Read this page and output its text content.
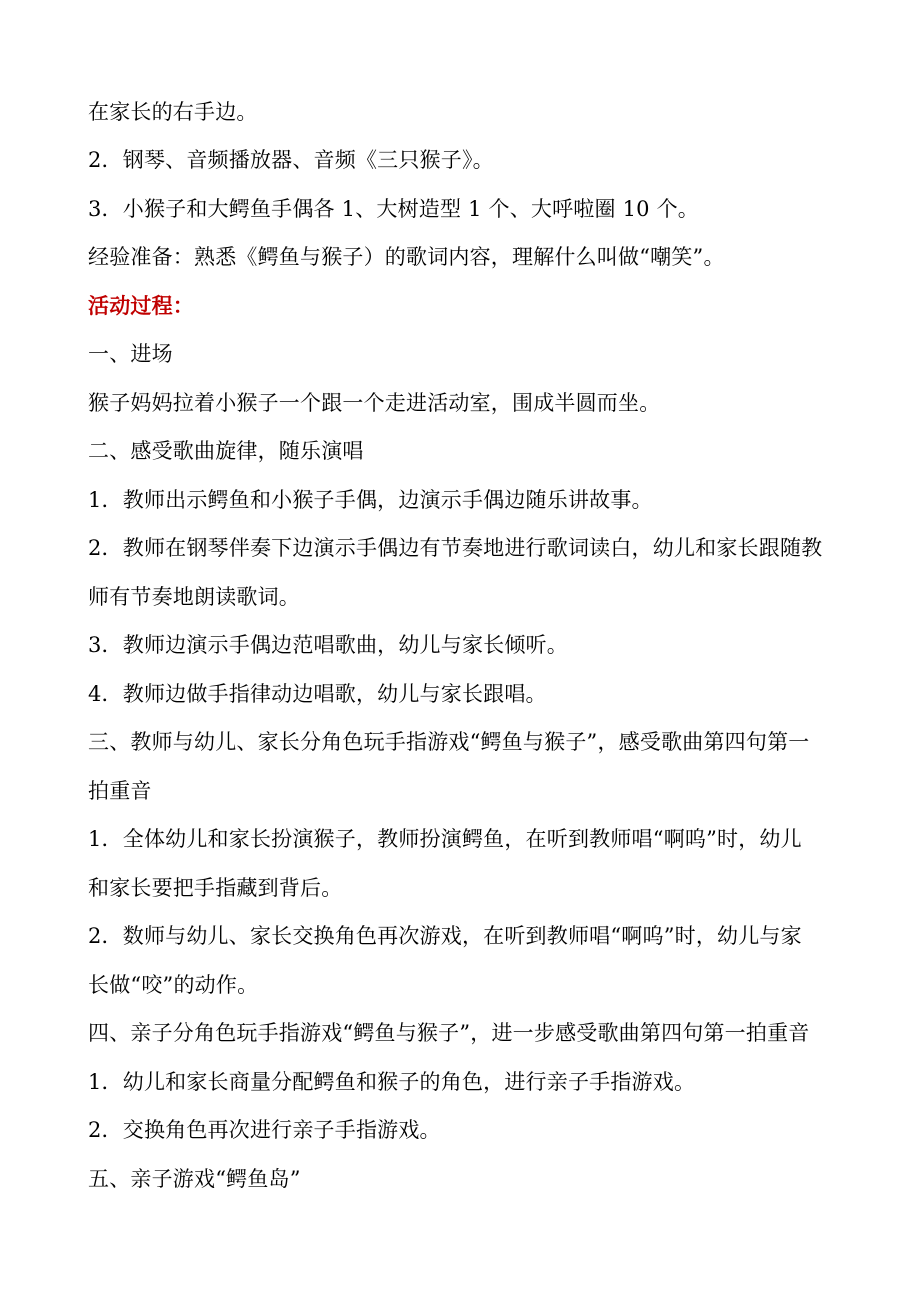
在家长的右手边。
2．钢琴、音频播放器、音频《三只猴子》。
3．小猴子和大鳄鱼手偶各 1、大树造型 1 个、大呼啦圈 10 个。
经验准备：熟悉《鳄鱼与猴子）的歌词内容，理解什么叫做“嘲笑”。
活动过程：
一、进场
猴子妈妈拉着小猴子一个跟一个走进活动室，围成半圆而坐。
二、感受歌曲旋律，随乐演唱
1．教师出示鳄鱼和小猴子手偶，边演示手偶边随乐讲故事。
2．教师在钢琴伴奏下边演示手偶边有节奏地进行歌词读白，幼儿和家长跟随教
师有节奏地朗读歌词。
3．教师边演示手偶边范唱歌曲，幼儿与家长倾听。
4．教师边做手指律动边唱歌，幼儿与家长跟唱。
三、教师与幼儿、家长分角色玩手指游戏“鳄鱼与猴子”，感受歌曲第四句第一
拍重音
1．全体幼儿和家长扮演猴子，教师扮演鳄鱼，在听到教师唱“啊呜”时，幼儿
和家长要把手指藏到背后。
2．数师与幼儿、家长交换角色再次游戏，在听到教师唱“啊呜”时，幼儿与家
长做“咬”的动作。
四、亲子分角色玩手指游戏“鳄鱼与猴子”，进一步感受歌曲第四句第一拍重音
1．幼儿和家长商量分配鳄鱼和猴子的角色，进行亲子手指游戏。
2．交换角色再次进行亲子手指游戏。
五、亲子游戏“鳄鱼岛”
